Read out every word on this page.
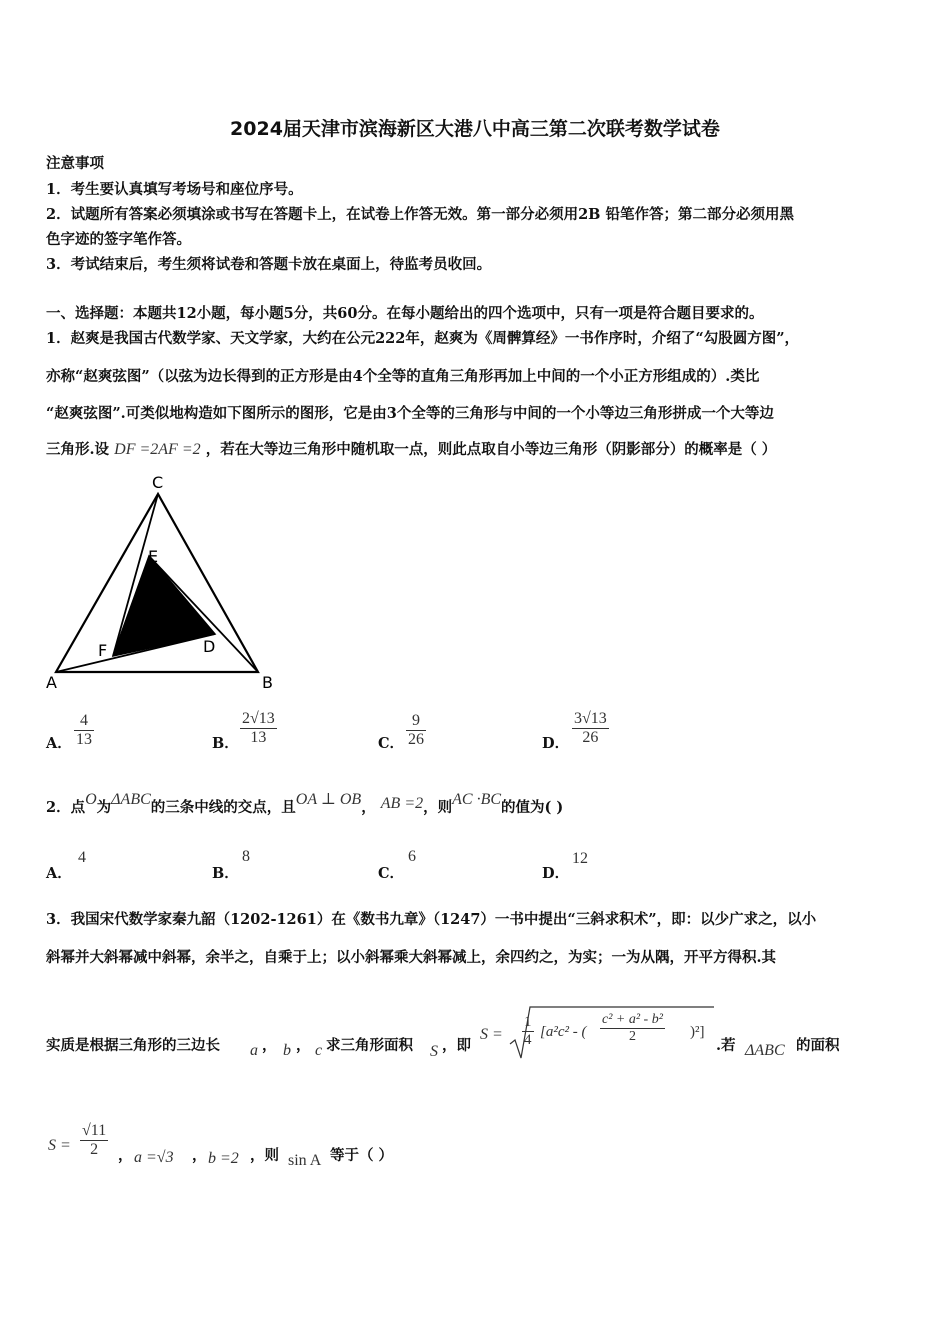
2024届天津市滨海新区大港八中高三第二次联考数学试卷
注意事项
1．考生要认真填写考场号和座位序号。
2．试题所有答案必须填涂或书写在答题卡上，在试卷上作答无效。第一部分必须用2B 铅笔作答；第二部分必须用黑
色字迹的签字笔作答。
3．考试结束后，考生须将试卷和答题卡放在桌面上，待监考员收回。
一、选择题：本题共12小题，每小题5分，共60分。在每小题给出的四个选项中，只有一项是符合题目要求的。
1．赵爽是我国古代数学家、天文学家，大约在公元222年，赵爽为《周髀算经》一书作序时，介绍了“勾股圆方图”，
亦称“赵爽弦图”（以弦为边长得到的正方形是由4个全等的直角三角形再加上中间的一个小正方形组成的）.类比
“赵爽弦图”.可类似地构造如下图所示的图形，它是由3个全等的三角形与中间的一个小等边三角形拼成一个大等边
三角形.设 DF =2AF =2 ，若在大等边三角形中随机取一点，则此点取自小等边三角形（阴影部分）的概率是（ ）
A	B
C
D
E
F
A． $\frac{4}{13}$	B． $\frac{2√13}{13}$	C． $\frac{9}{26}$	D． $\frac{3√13}{26}$
2．点O为ΔABC的三条中线的交点，且OA ⊥ OB， AB =2，则AC ·BC的值为( )
A．
4
B．
8
C．
6
D．
12
3．我国宋代数学家秦九韶（1202-1261）在《数书九章》（1247）一书中提出“三斜求积术”，即：以少广求之，以小
斜幂并大斜幂减中斜幂，余半之，自乘于上；以小斜幂乘大斜幂减上，余四约之，为实；一为从隅，开平方得积.其
实质是根据三角形的三边长 a ， b ， c 求三角形面积 S ，即
$S = \frac{1}{4} [a^2c^2$ - ( $\frac{\text{c² + a² - b²}}{2} )^2$]
.若 ΔABC 的面积
$S = \frac{√11}{2}$ ， a =√3 ， b =2 ，则 sin A 等于（ ）
